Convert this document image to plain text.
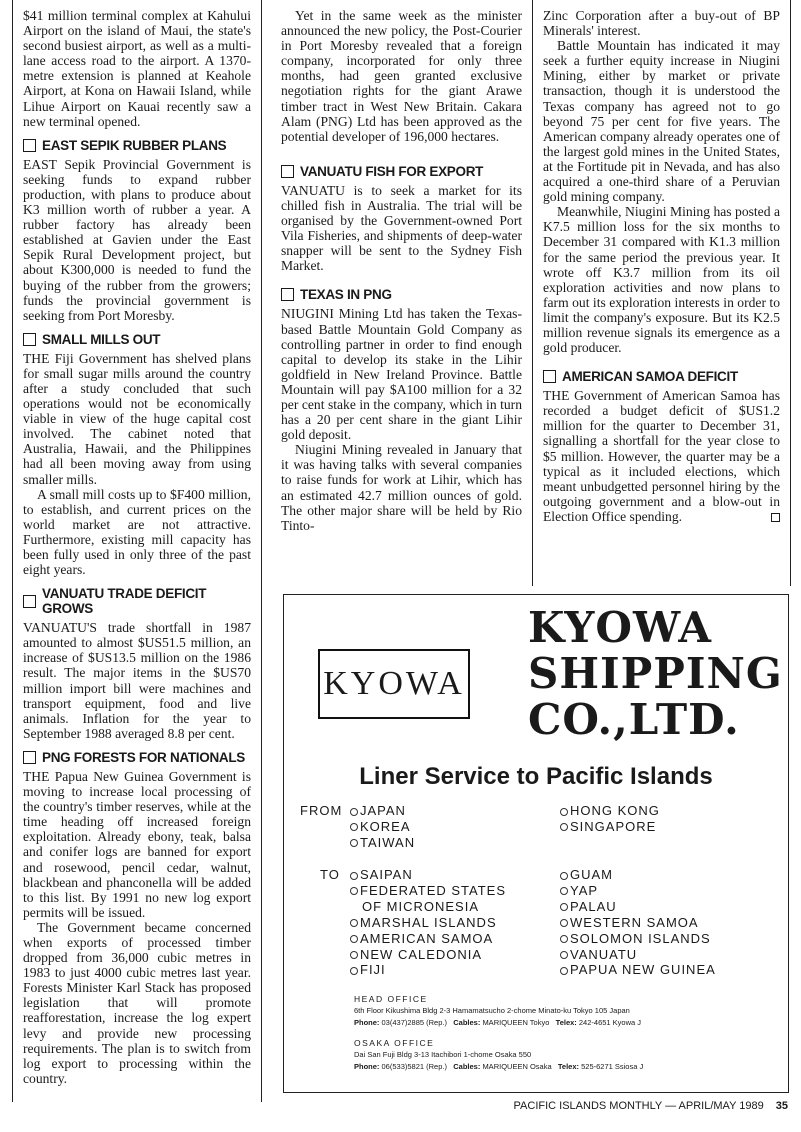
$41 million terminal complex at Kahului Airport on the island of Maui, the state's second busiest airport, as well as a multi-lane access road to the airport. A 1370-metre extension is planned at Keahole Airport, at Kona on Hawaii Island, while Lihue Airport on Kauai recently saw a new terminal opened.

EAST SEPIK RUBBER PLANS

EAST Sepik Provincial Government is seeking funds to expand rubber production, with plans to produce about K3 million worth of rubber a year. A rubber factory has already been established at Gavien under the East Sepik Rural Development project, but about K300,000 is needed to fund the buying of the rubber from the growers; funds the provincial government is seeking from Port Moresby.

SMALL MILLS OUT

THE Fiji Government has shelved plans for small sugar mills around the country after a study concluded that such operations would not be economically viable in view of the huge capital cost involved. The cabinet noted that Australia, Hawaii, and the Philippines had all been moving away from using smaller mills.

A small mill costs up to $F400 million, to establish, and current prices on the world market are not attractive. Furthermore, existing mill capacity has been fully used in only three of the past eight years.

VANUATU TRADE DEFICIT GROWS

VANUATU'S trade shortfall in 1987 amounted to almost $US51.5 million, an increase of $US13.5 million on the 1986 result. The major items in the $US70 million import bill were machines and transport equipment, food and live animals. Inflation for the year to September 1988 averaged 8.8 per cent.

PNG FORESTS FOR NATIONALS

THE Papua New Guinea Government is moving to increase local processing of the country's timber reserves, while at the time heading off increased foreign exploitation. Already ebony, teak, balsa and conifer logs are banned for export and rosewood, pencil cedar, walnut, blackbean and phanconella will be added to this list. By 1991 no new log export permits will be issued.

The Government became concerned when exports of processed timber dropped from 36,000 cubic metres in 1983 to just 4000 cubic metres last year. Forests Minister Karl Stack has proposed legislation that will promote reafforestation, increase the log expert levy and provide new processing requirements. The plan is to switch from log export to processing within the country.

Yet in the same week as the minister announced the new policy, the Post-Courier in Port Moresby revealed that a foreign company, incorporated for only three months, had geen granted exclusive negotiation rights for the giant Arawe timber tract in West New Britain. Cakara Alam (PNG) Ltd has been approved as the potential developer of 196,000 hectares.

VANUATU FISH FOR EXPORT

VANUATU is to seek a market for its chilled fish in Australia. The trial will be organised by the Government-owned Port Vila Fisheries, and shipments of deep-water snapper will be sent to the Sydney Fish Market.

TEXAS IN PNG

NIUGINI Mining Ltd has taken the Texas-based Battle Mountain Gold Company as controlling partner in order to find enough capital to develop its stake in the Lihir goldfield in New Ireland Province. Battle Mountain will pay $A100 million for a 32 per cent stake in the company, which in turn has a 20 per cent share in the giant Lihir gold deposit.

Niugini Mining revealed in January that it was having talks with several companies to raise funds for work at Lihir, which has an estimated 42.7 million ounces of gold. The other major share will be held by Rio Tinto-

Zinc Corporation after a buy-out of BP Minerals' interest.

Battle Mountain has indicated it may seek a further equity increase in Niugini Mining, either by market or private transaction, though it is understood the Texas company has agreed not to go beyond 75 per cent for five years. The American company already operates one of the largest gold mines in the United States, at the Fortitude pit in Nevada, and has also acquired a one-third share of a Peruvian gold mining company.

Meanwhile, Niugini Mining has posted a K7.5 million loss for the six months to December 31 compared with K1.3 million for the same period the previous year. It wrote off K3.7 million from its oil exploration activities and now plans to farm out its exploration interests in order to limit the company's exposure. But its K2.5 million revenue signals its emergence as a gold producer.

AMERICAN SAMOA DEFICIT

THE Government of American Samoa has recorded a budget deficit of $US1.2 million for the quarter to December 31, signalling a shortfall for the year close to $5 million. However, the quarter may be a typical as it included elections, which meant unbudgetted personnel hiring by the outgoing government and a blow-out in Election Office spending.

KYOWA
KYOWA
SHIPPING
CO.,LTD.
Liner Service to Pacific Islands
FROM	JAPAN
KOREA
TAIWAN
HONG KONG
SINGAPORE
TO	SAIPAN
FEDERATED STATES
OF MICRONESIA
MARSHAL ISLANDS
AMERICAN SAMOA
NEW CALEDONIA
FIJI
GUAM
YAP
PALAU
WESTERN SAMOA
SOLOMON ISLANDS
VANUATU
PAPUA NEW GUINEA
HEAD OFFICE
6th Floor Kikushima Bldg 2-3 Hamamatsucho 2-chome Minato-ku Tokyo 105 Japan
Phone: 03(437)2885 (Rep.) Cables: MARIQUEEN Tokyo Telex: 242-4651 Kyowa J
OSAKA OFFICE
Dai San Fuji Bldg 3-13 Itachibori 1-chome Osaka 550
Phone: 06(533)5821 (Rep.) Cables: MARIQUEEN Osaka Telex: 525-6271 Ssiosa J
PACIFIC ISLANDS MONTHLY — APRIL/MAY 1989 35
